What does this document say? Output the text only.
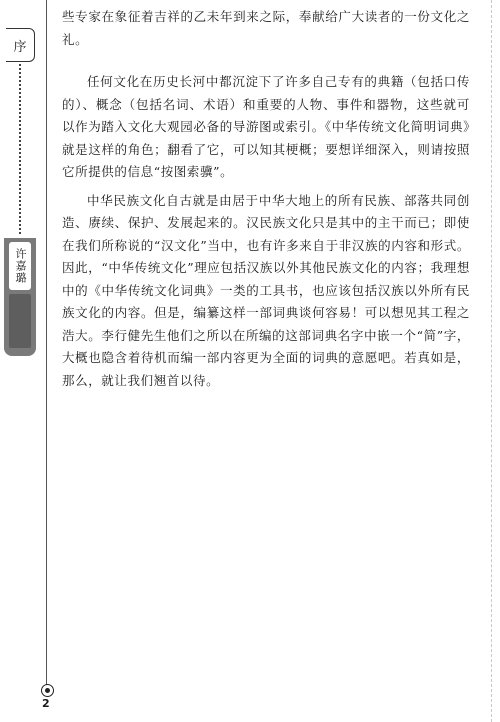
序
许嘉璐

些专家在象征着吉祥的乙未年到来之际，奉献给广大读者的一份文化之礼。

任何文化在历史长河中都沉淀下了许多自己专有的典籍（包括口传的）、概念（包括名词、术语）和重要的人物、事件和器物，这些就可以作为踏入文化大观园必备的导游图或索引。《中华传统文化简明词典》就是这样的角色；翻看了它，可以知其梗概；要想详细深入，则请按照它所提供的信息“按图索骥”。

中华民族文化自古就是由居于中华大地上的所有民族、部落共同创造、赓续、保护、发展起来的。汉民族文化只是其中的主干而已；即使在我们所称说的“汉文化”当中，也有许多来自于非汉族的内容和形式。因此，“中华传统文化”理应包括汉族以外其他民族文化的内容；我理想中的《中华传统文化词典》一类的工具书，也应该包括汉族以外所有民族文化的内容。但是，编纂这样一部词典谈何容易！可以想见其工程之浩大。李行健先生他们之所以在所编的这部词典名字中嵌一个“简”字，大概也隐含着待机而编一部内容更为全面的词典的意愿吧。若真如是，那么，就让我们翘首以待。

2
